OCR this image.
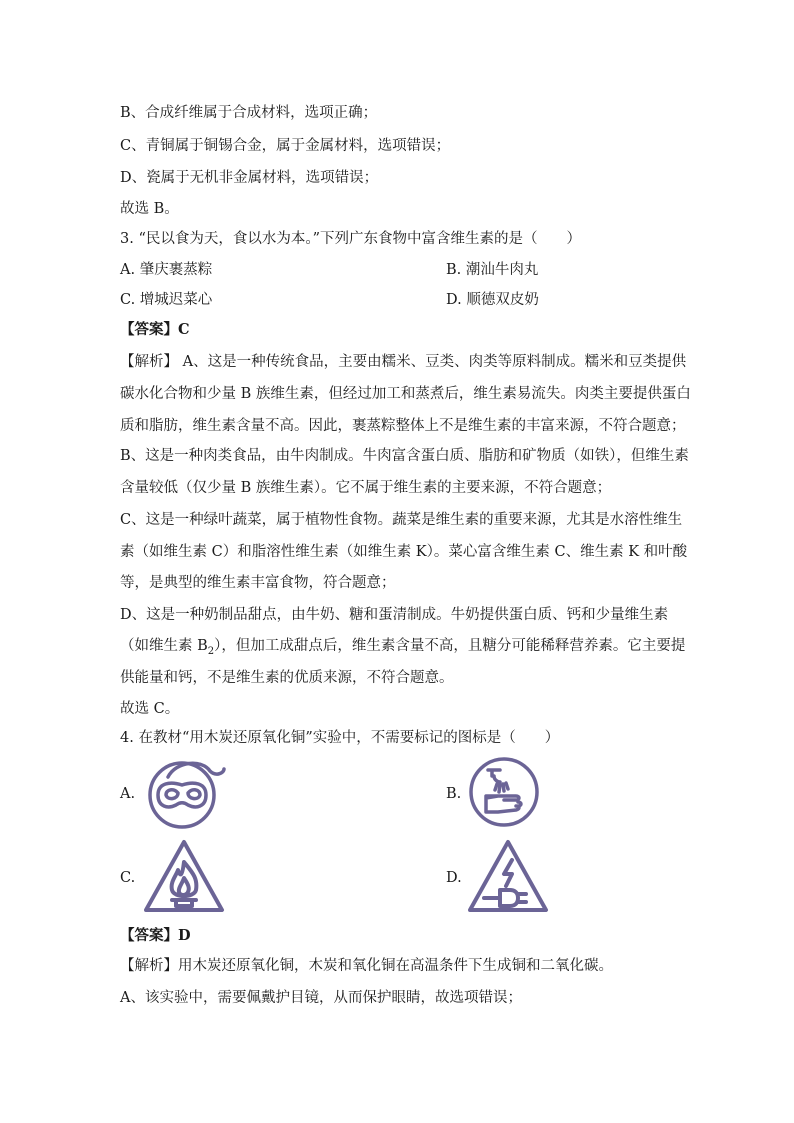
B、合成纤维属于合成材料，选项正确；
C、青铜属于铜锡合金，属于金属材料，选项错误；
D、瓷属于无机非金属材料，选项错误；
故选 B。
3. “民以食为天，食以水为本。”下列广东食物中富含维生素的是（　　）
A. 肇庆裹蒸粽	B. 潮汕牛肉丸
C. 增城迟菜心	D. 顺德双皮奶
【答案】C
【解析】 A、这是一种传统食品，主要由糯米、豆类、肉类等原料制成。糯米和豆类提供
碳水化合物和少量 B 族维生素，但经过加工和蒸煮后，维生素易流失。肉类主要提供蛋白
质和脂肪，维生素含量不高。因此，裹蒸粽整体上不是维生素的丰富来源，不符合题意；
B、这是一种肉类食品，由牛肉制成。牛肉富含蛋白质、脂肪和矿物质（如铁），但维生素
含量较低（仅少量 B 族维生素）。它不属于维生素的主要来源，不符合题意；
C、这是一种绿叶蔬菜，属于植物性食物。蔬菜是维生素的重要来源，尤其是水溶性维生
素（如维生素 C）和脂溶性维生素（如维生素 K）。菜心富含维生素 C、维生素 K 和叶酸
等，是典型的维生素丰富食物，符合题意；
D、这是一种奶制品甜点，由牛奶、糖和蛋清制成。牛奶提供蛋白质、钙和少量维生素
（如维生素 $B_2$），但加工成甜点后，维生素含量不高，且糖分可能稀释营养素。它主要提
供能量和钙，不是维生素的优质来源，不符合题意。
故选 C。
4. 在教材“用木炭还原氧化铜”实验中，不需要标记的图标是（　　）
A.	B.
C.	D.
【答案】D
【解析】用木炭还原氧化铜，木炭和氧化铜在高温条件下生成铜和二氧化碳。
A、该实验中，需要佩戴护目镜，从而保护眼睛，故选项错误；
